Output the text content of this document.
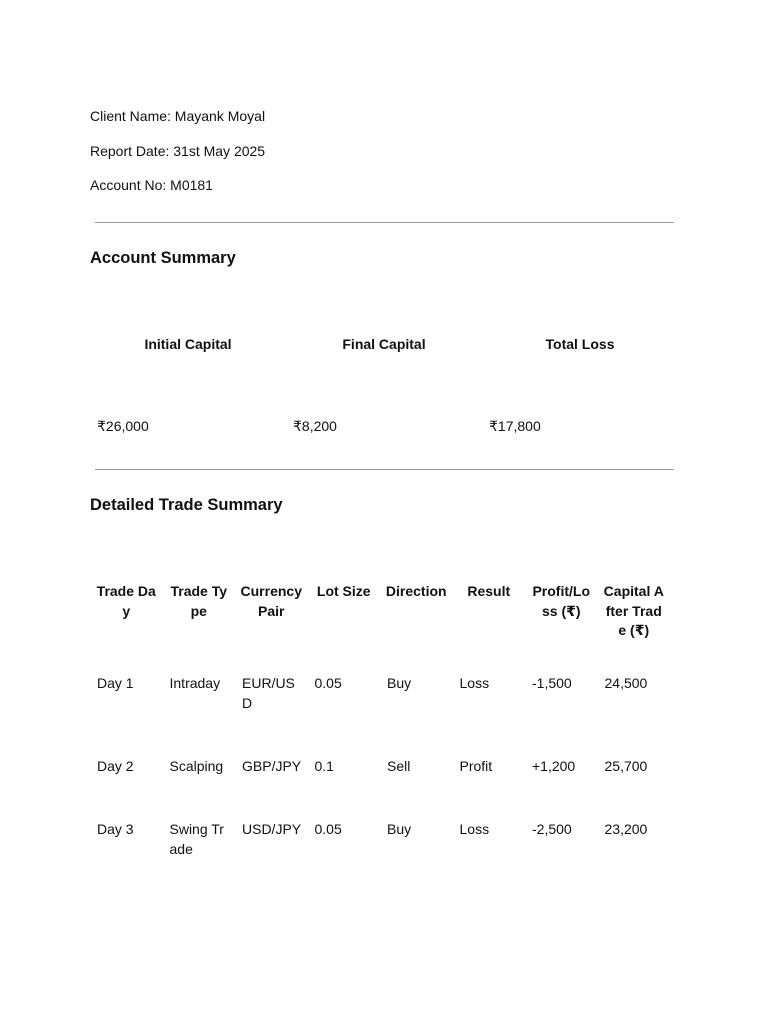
Client Name: Mayank Moyal
Report Date: 31st May 2025
Account No: M0181
Account Summary
Initial Capital	Final Capital	Total Loss
₹26,000	₹8,200	₹17,800
Detailed Trade Summary
Trade Day	Trade Type	Currency Pair	Lot Size	Direction	Result	Profit/Loss (₹)	Capital After Trade (₹)
Day 1	Intraday	EUR/USD	0.05	Buy	Loss	-1,500	24,500
Day 2	Scalping	GBP/JPY	0.1	Sell	Profit	+1,200	25,700
Day 3	Swing Trade	USD/JPY	0.05	Buy	Loss	-2,500	23,200
